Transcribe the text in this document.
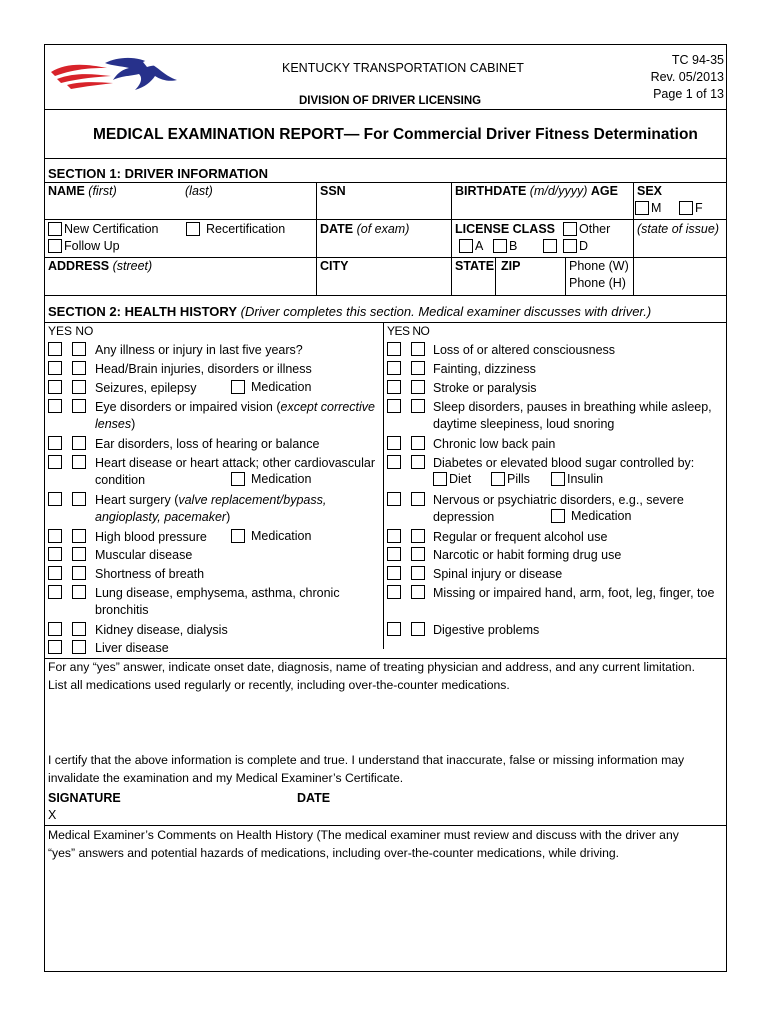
KENTUCKY TRANSPORTATION CABINET
DIVISION OF DRIVER LICENSING
TC 94-35
Rev. 05/2013
Page 1 of 13
MEDICAL EXAMINATION REPORT— For Commercial Driver Fitness Determination
SECTION 1: DRIVER INFORMATION
NAME (first)	(last)	SSN	BIRTHDATE (m/d/yyyy) AGE SEX
M	F
New Certification	Recertification
Follow Up
DATE (of exam)	LICENSE CLASS	Other (state of issue)
A	B	D
ADDRESS (street)	CITY	STATE ZIP	Phone (W)
Phone (H)
SECTION 2: HEALTH HISTORY (Driver completes this section. Medical examiner discusses with driver.)
YES NO	YES NO
Any illness or injury in last five years?
Head/Brain injuries, disorders or illness
Seizures, epilepsy	Medication
Eye disorders or impaired vision (except corrective
lenses)
Ear disorders, loss of hearing or balance
Heart disease or heart attack; other cardiovascular
condition	Medication
Heart surgery (valve replacement/bypass,
angioplasty, pacemaker)
High blood pressure	Medication
Muscular disease
Shortness of breath
Lung disease, emphysema, asthma, chronic
bronchitis
Kidney disease, dialysis
Liver disease
Loss of or altered consciousness
Fainting, dizziness
Stroke or paralysis
Sleep disorders, pauses in breathing while asleep,
daytime sleepiness, loud snoring
Chronic low back pain
Diabetes or elevated blood sugar controlled by:
Diet	Pills	Insulin
Nervous or psychiatric disorders, e.g., severe
depression	Medication
Regular or frequent alcohol use
Narcotic or habit forming drug use
Spinal injury or disease
Missing or impaired hand, arm, foot, leg, finger, toe
Digestive problems
For any “yes” answer, indicate onset date, diagnosis, name of treating physician and address, and any current limitation.
List all medications used regularly or recently, including over-the-counter medications.
I certify that the above information is complete and true. I understand that inaccurate, false or missing information may
invalidate the examination and my Medical Examiner’s Certificate.
SIGNATURE	DATE
X
Medical Examiner’s Comments on Health History (The medical examiner must review and discuss with the driver any
“yes” answers and potential hazards of medications, including over-the-counter medications, while driving.
